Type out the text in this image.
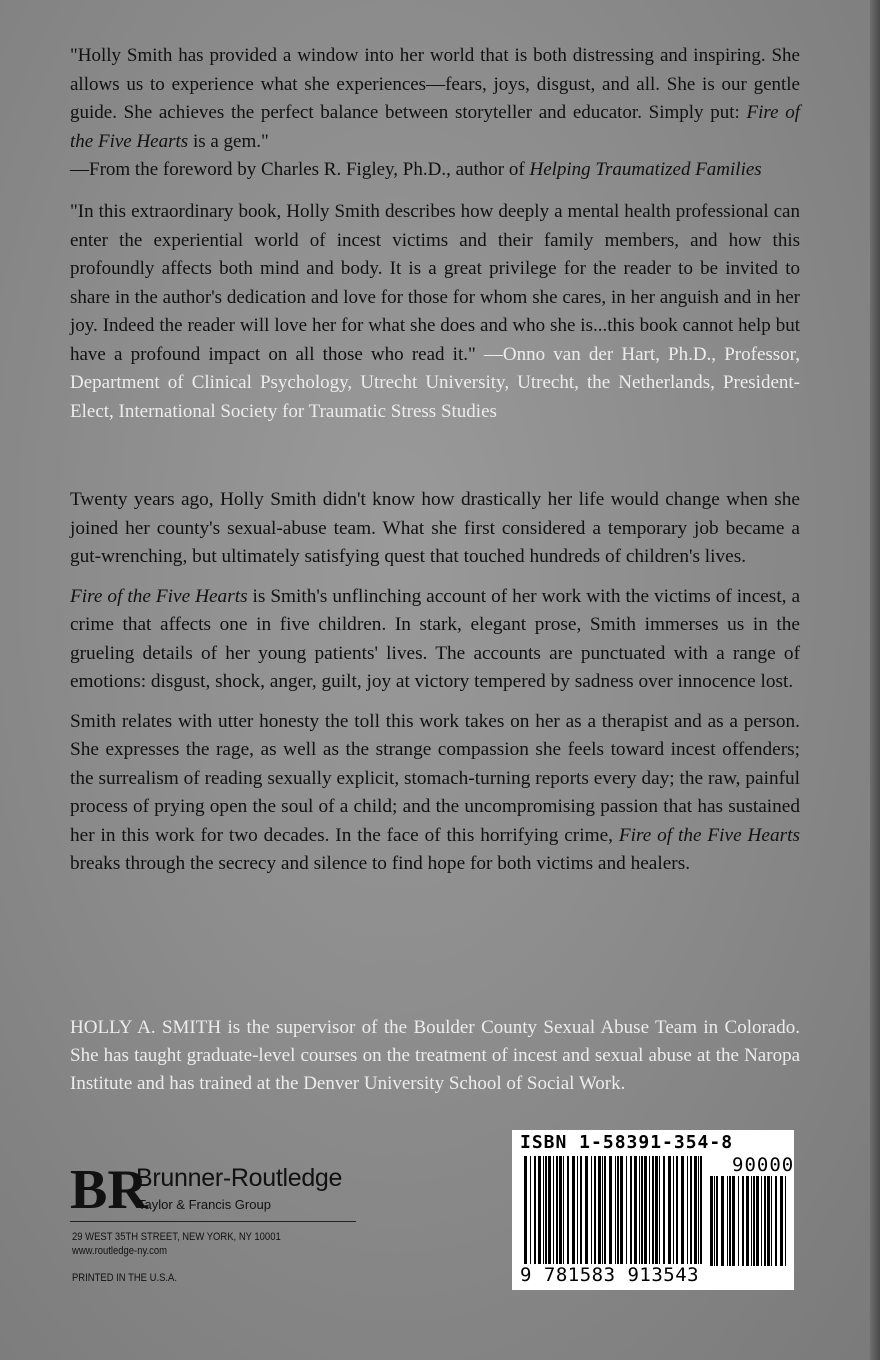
"Holly Smith has provided a window into her world that is both distressing and inspiring. She allows us to experience what she experiences—fears, joys, disgust, and all. She is our gentle guide. She achieves the perfect balance between storyteller and educator. Simply put: Fire of the Five Hearts is a gem."
—From the foreword by Charles R. Figley, Ph.D., author of Helping Traumatized Families

"In this extraordinary book, Holly Smith describes how deeply a mental health professional can enter the experiential world of incest victims and their family members, and how this profoundly affects both mind and body. It is a great privilege for the reader to be invited to share in the author's dedication and love for those for whom she cares, in her anguish and in her joy. Indeed the reader will love her for what she does and who she is...this book cannot help but have a profound impact on all those who read it." —Onno van der Hart, Ph.D., Professor, Department of Clinical Psychology, Utrecht University, Utrecht, the Netherlands, President-Elect, International Society for Traumatic Stress Studies

Twenty years ago, Holly Smith didn't know how drastically her life would change when she joined her county's sexual-abuse team. What she first considered a temporary job became a gut-wrenching, but ultimately satisfying quest that touched hundreds of children's lives.

Fire of the Five Hearts is Smith's unflinching account of her work with the victims of incest, a crime that affects one in five children. In stark, elegant prose, Smith immerses us in the grueling details of her young patients' lives. The accounts are punctuated with a range of emotions: disgust, shock, anger, guilt, joy at victory tempered by sadness over innocence lost.

Smith relates with utter honesty the toll this work takes on her as a therapist and as a person. She expresses the rage, as well as the strange compassion she feels toward incest offenders; the surrealism of reading sexually explicit, stomach-turning reports every day; the raw, painful process of prying open the soul of a child; and the uncompromising passion that has sustained her in this work for two decades. In the face of this horrifying crime, Fire of the Five Hearts breaks through the secrecy and silence to find hope for both victims and healers.

HOLLY A. SMITH is the supervisor of the Boulder County Sexual Abuse Team in Colorado. She has taught graduate-level courses on the treatment of incest and sexual abuse at the Naropa Institute and has trained at the Denver University School of Social Work.

BR
Brunner-Routledge
Taylor & Francis Group
29 WEST 35TH STREET, NEW YORK, NY 10001
www.routledge-ny.com
PRINTED IN THE U.S.A.
ISBN 1-58391-354-8
90000
9 781583 913543
